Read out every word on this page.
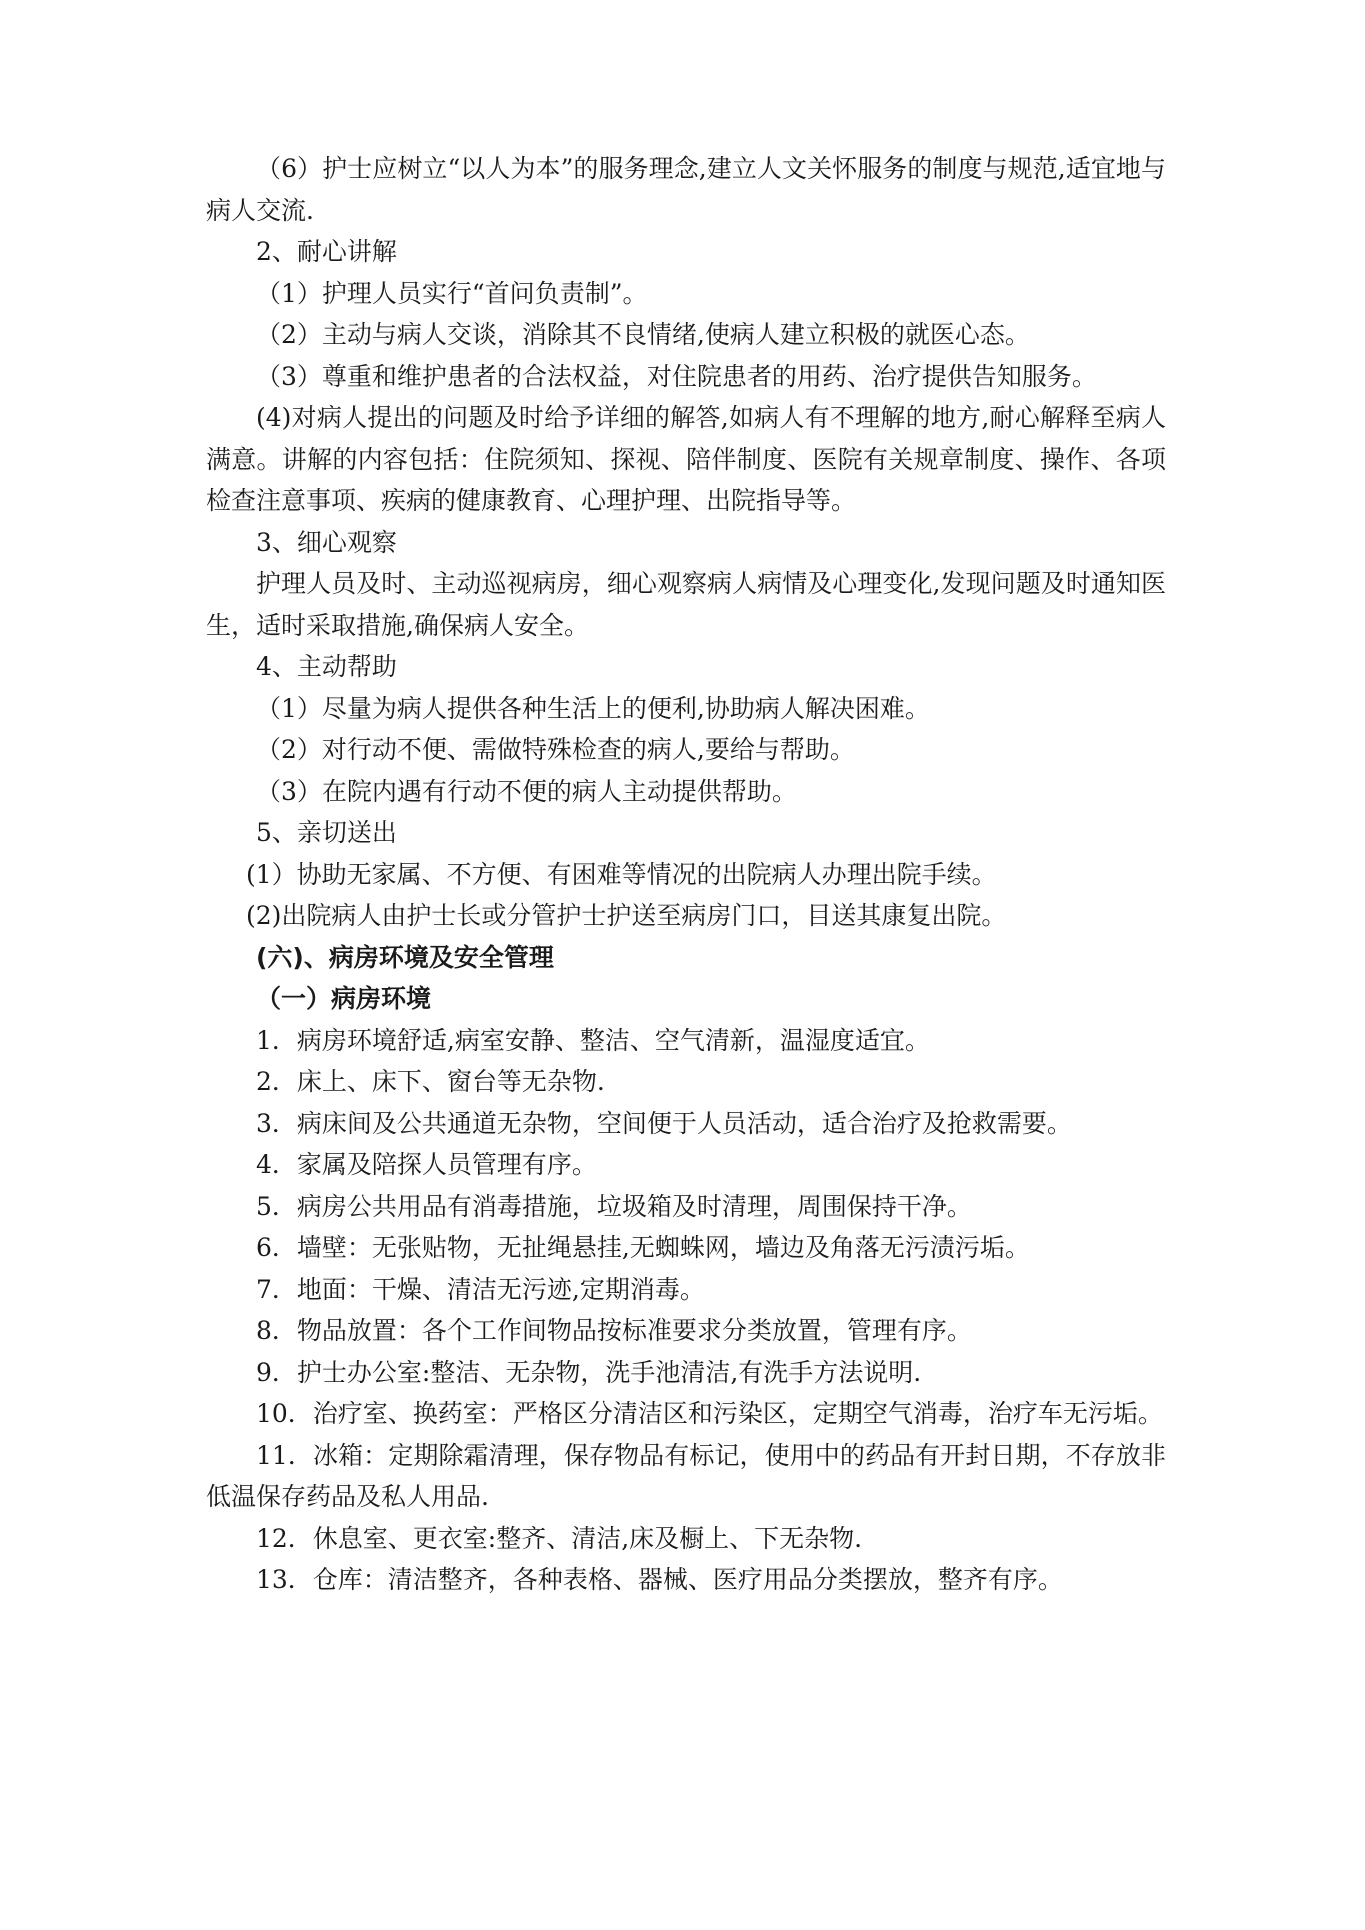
（6）护士应树立“以人为本”的服务理念,建立人文关怀服务的制度与规范,适宜地与病人交流.

2、耐心讲解

（1）护理人员实行“首问负责制”。

（2）主动与病人交谈，消除其不良情绪,使病人建立积极的就医心态。

（3）尊重和维护患者的合法权益，对住院患者的用药、治疗提供告知服务。

(4)对病人提出的问题及时给予详细的解答,如病人有不理解的地方,耐心解释至病人满意。讲解的内容包括：住院须知、探视、陪伴制度、医院有关规章制度、操作、各项检查注意事项、疾病的健康教育、心理护理、出院指导等。

3、细心观察

护理人员及时、主动巡视病房，细心观察病人病情及心理变化,发现问题及时通知医生，适时采取措施,确保病人安全。

4、主动帮助

（1）尽量为病人提供各种生活上的便利,协助病人解决困难。

（2）对行动不便、需做特殊检查的病人,要给与帮助。

（3）在院内遇有行动不便的病人主动提供帮助。

5、亲切送出

(1）协助无家属、不方便、有困难等情况的出院病人办理出院手续。

(2)出院病人由护士长或分管护士护送至病房门口，目送其康复出院。

(六)、病房环境及安全管理

（一）病房环境

1．病房环境舒适,病室安静、整洁、空气清新，温湿度适宜。

2．床上、床下、窗台等无杂物.

3．病床间及公共通道无杂物，空间便于人员活动，适合治疗及抢救需要。

4．家属及陪探人员管理有序。

5．病房公共用品有消毒措施，垃圾箱及时清理，周围保持干净。

6．墙壁：无张贴物，无扯绳悬挂,无蜘蛛网，墙边及角落无污渍污垢。

7．地面：干燥、清洁无污迹,定期消毒。

8．物品放置：各个工作间物品按标准要求分类放置，管理有序。

9．护士办公室:整洁、无杂物，洗手池清洁,有洗手方法说明.

10．治疗室、换药室：严格区分清洁区和污染区，定期空气消毒，治疗车无污垢。

11．冰箱：定期除霜清理，保存物品有标记，使用中的药品有开封日期，不存放非低温保存药品及私人用品.

12．休息室、更衣室:整齐、清洁,床及橱上、下无杂物.

13．仓库：清洁整齐，各种表格、器械、医疗用品分类摆放，整齐有序。
